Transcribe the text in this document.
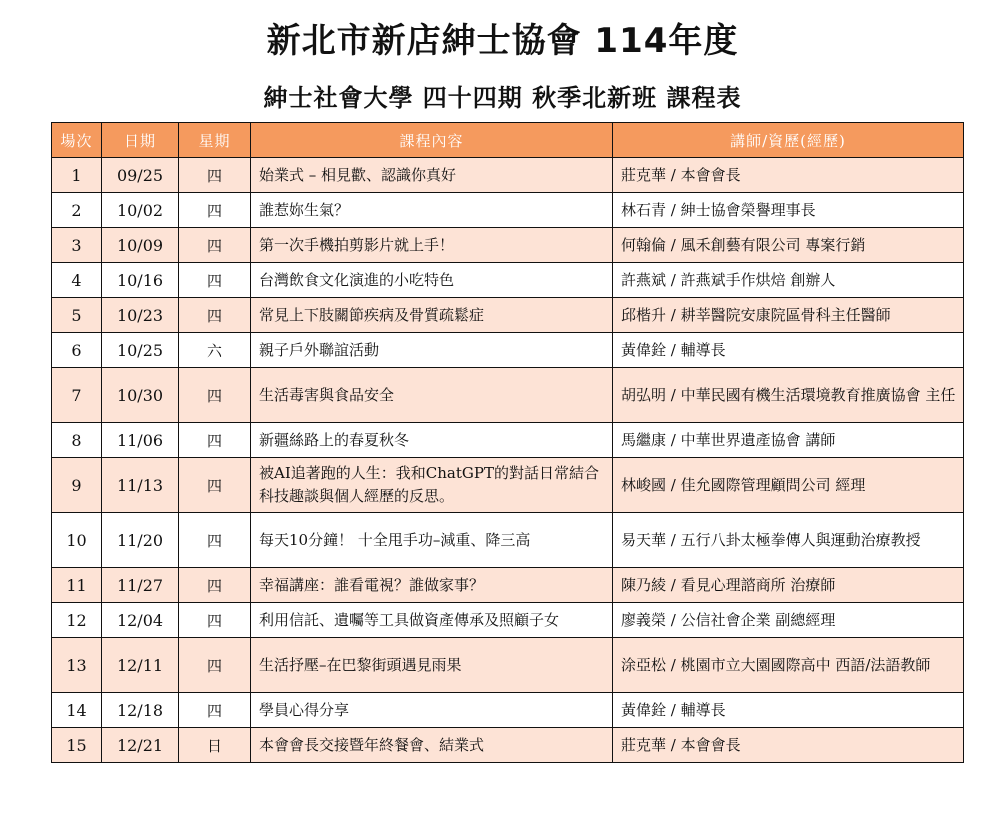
新北市新店紳士協會 114年度
紳士社會大學 四十四期 秋季北新班 課程表
場次	日期	星期	課程內容	講師/資歷(經歷)
1	09/25	四	始業式 – 相見歡、認識你真好	莊克華 / 本會會長
2	10/02	四	誰惹妳生氣？	林石青 / 紳士協會榮譽理事長
3	10/09	四	第一次手機拍剪影片就上手！	何翰倫 / 風禾創藝有限公司 專案行銷
4	10/16	四	台灣飲食文化演進的小吃特色	許燕斌 / 許燕斌手作烘焙 創辦人
5	10/23	四	常見上下肢關節疾病及骨質疏鬆症	邱楷升 / 耕莘醫院安康院區骨科主任醫師
6	10/25	六	親子戶外聯誼活動	黃偉銓 / 輔導長
7	10/30	四	生活毒害與食品安全	胡弘明 / 中華民國有機生活環境教育推廣協會 主任
8	11/06	四	新疆絲路上的春夏秋冬	馬繼康 / 中華世界遺產協會 講師
9	11/13	四	被AI追著跑的人生：我和ChatGPT的對話日常結合科技趣談與個人經歷的反思。	林峻國 / 佳允國際管理顧問公司 經理
10	11/20	四	每天10分鐘！ 十全甩手功–減重、降三高	易天華 / 五行八卦太極拳傳人與運動治療教授
11	11/27	四	幸福講座：誰看電視？誰做家事？	陳乃綾 / 看見心理諮商所 治療師
12	12/04	四	利用信託、遺囑等工具做資產傳承及照顧子女	廖義榮 / 公信社會企業 副總經理
13	12/11	四	生活抒壓–在巴黎街頭遇見雨果	涂亞松 / 桃園市立大園國際高中 西語/法語教師
14	12/18	四	學員心得分享	黃偉銓 / 輔導長
15	12/21	日	本會會長交接暨年終餐會、結業式	莊克華 / 本會會長
